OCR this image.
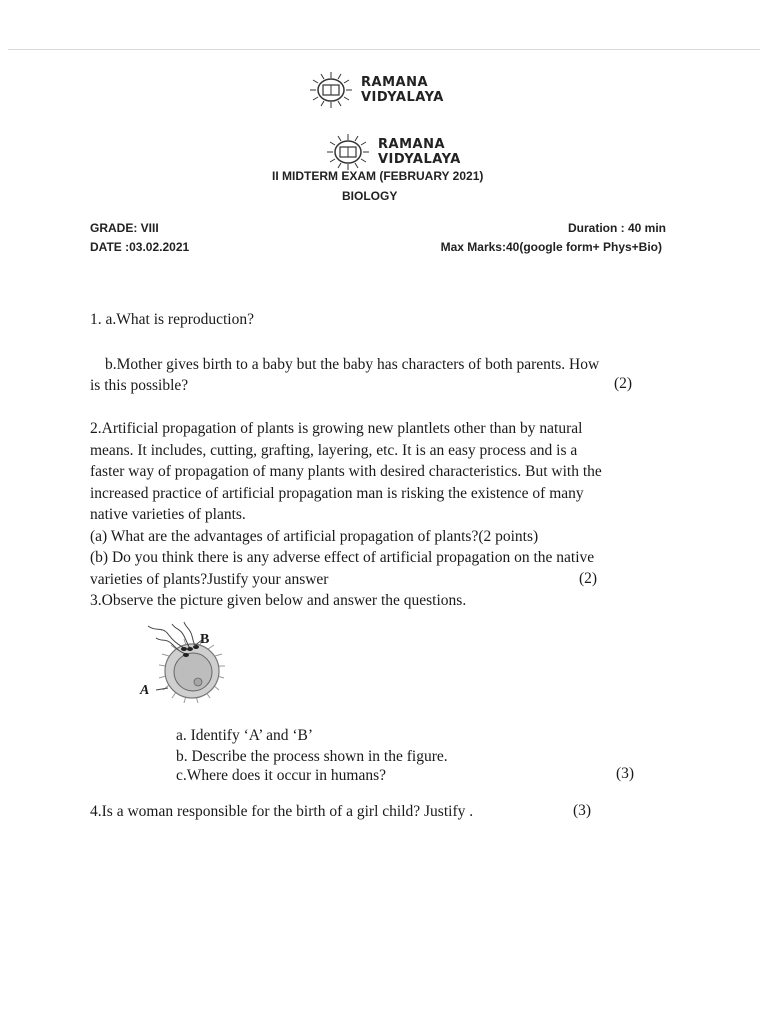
RAMANA
VIDYALAYA
RAMANA
VIDYALAYA
II MIDTERM EXAM (FEBRUARY 2021)
BIOLOGY
GRADE: VIII
DATE :03.02.2021
Duration : 40 min
Max Marks:40(google form+ Phys+Bio)
1. a.What is reproduction?
b.Mother gives birth to a baby but the baby has characters of both parents. How
is this possible?	(2)
2.Artificial propagation of plants is growing new plantlets other than by natural
means. It includes, cutting, grafting, layering, etc. It is an easy process and is a
faster way of propagation of many plants with desired characteristics. But with the
increased practice of artificial propagation man is risking the existence of many
native varieties of plants.
(a) What are the advantages of artificial propagation of plants?(2 points)
(b) Do you think there is any adverse effect of artificial propagation on the native
varieties of plants?Justify your answer
3.Observe the picture given below and answer the questions.
(2)
B
A
a. Identify ‘A’ and ‘B’
b. Describe the process shown in the figure.
c.Where does it occur in humans?	(3)
4.Is a woman responsible for the birth of a girl child? Justify .	(3)
